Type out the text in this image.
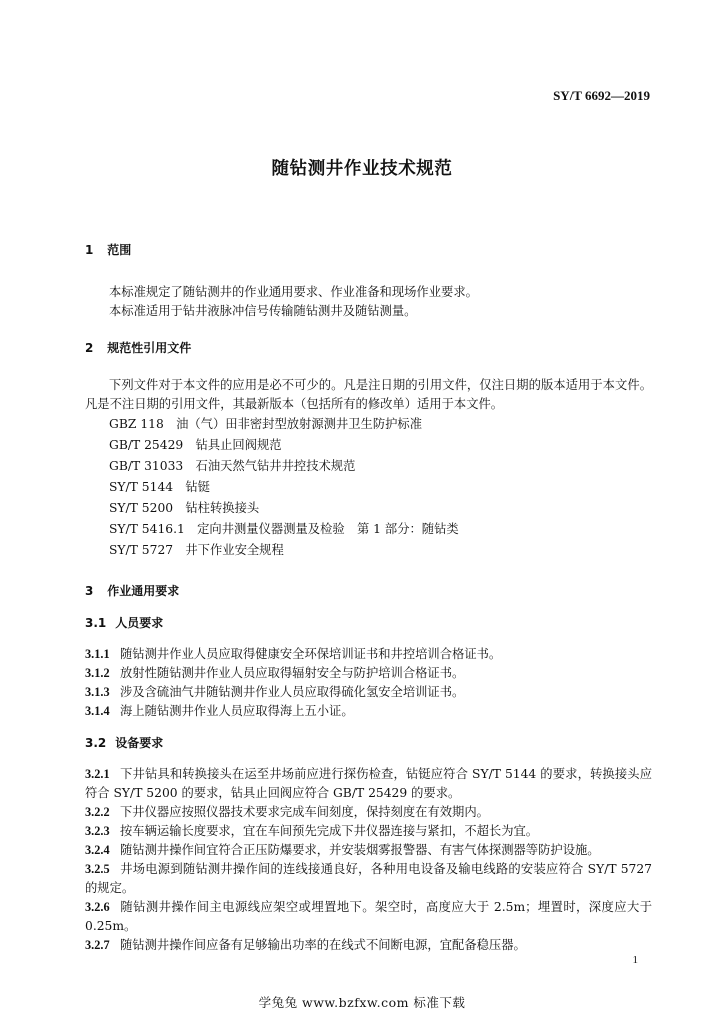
SY/T 6692—2019
随钻测井作业技术规范
1 范围

本标准规定了随钻测井的作业通用要求、作业准备和现场作业要求。

本标准适用于钻井液脉冲信号传输随钻测井及随钻测量。

2 规范性引用文件

下列文件对于本文件的应用是必不可少的。凡是注日期的引用文件，仅注日期的版本适用于本文件。凡是不注日期的引用文件，其最新版本（包括所有的修改单）适用于本文件。

GBZ 118　油（气）田非密封型放射源测井卫生防护标准

GB/T 25429　钻具止回阀规范

GB/T 31033　石油天然气钻井井控技术规范

SY/T 5144　钻铤

SY/T 5200　钻柱转换接头

SY/T 5416.1　定向井测量仪器测量及检验　第 1 部分：随钻类

SY/T 5727　井下作业安全规程

3 作业通用要求
3.1 人员要求

3.1.1 随钻测井作业人员应取得健康安全环保培训证书和井控培训合格证书。

3.1.2 放射性随钻测井作业人员应取得辐射安全与防护培训合格证书。

3.1.3 涉及含硫油气井随钻测井作业人员应取得硫化氢安全培训证书。

3.1.4 海上随钻测井作业人员应取得海上五小证。

3.2 设备要求

3.2.1 下井钻具和转换接头在运至井场前应进行探伤检查，钻铤应符合 SY/T 5144 的要求，转换接头应符合 SY/T 5200 的要求，钻具止回阀应符合 GB/T 25429 的要求。

3.2.2 下井仪器应按照仪器技术要求完成车间刻度，保持刻度在有效期内。

3.2.3 按车辆运输长度要求，宜在车间预先完成下井仪器连接与紧扣，不超长为宜。

3.2.4 随钻测井操作间宜符合正压防爆要求，并安装烟雾报警器、有害气体探测器等防护设施。

3.2.5 井场电源到随钻测井操作间的连线接通良好，各种用电设备及输电线路的安装应符合 SY/T 5727 的规定。

3.2.6 随钻测井操作间主电源线应架空或埋置地下。架空时，高度应大于 2.5m；埋置时，深度应大于 0.25m。

3.2.7 随钻测井操作间应备有足够输出功率的在线式不间断电源，宜配备稳压器。

1
学兔兔 www.bzfxw.com 标准下载
